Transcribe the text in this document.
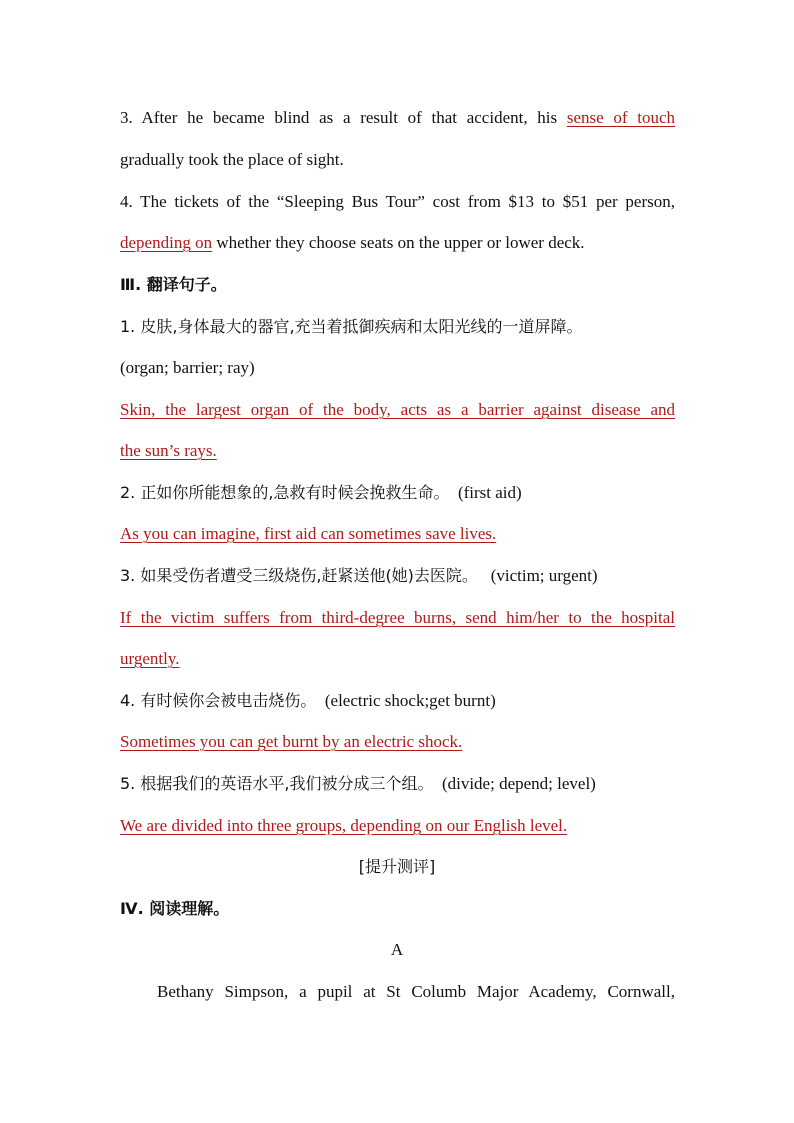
3. After he became blind as a result of that accident, his sense of touch
gradually took the place of sight.
4. The tickets of the “Sleeping Bus Tour” cost from $13 to $51 per person,
depending on whether they choose seats on the upper or lower deck.
Ⅲ. 翻译句子。
1. 皮肤,身体最大的器官,充当着抵御疾病和太阳光线的一道屏障。
(organ; barrier; ray)
Skin, the largest organ of the body, acts as a barrier against disease and
the sun’s rays.
2. 正如你所能想象的,急救有时候会挽救生命。 (first aid)
As you can imagine, first aid can sometimes save lives.
3. 如果受伤者遭受三级烧伤,赶紧送他(她)去医院。 (victim; urgent)
If the victim suffers from third-degree burns, send him/her to the hospital
urgently.
4. 有时候你会被电击烧伤。 (electric shock;get burnt)
Sometimes you can get burnt by an electric shock.
5. 根据我们的英语水平,我们被分成三个组。 (divide; depend; level)
We are divided into three groups, depending on our English level.
[提升测评]
Ⅳ. 阅读理解。
A
Bethany Simpson, a pupil at St Columb Major Academy, Cornwall,
